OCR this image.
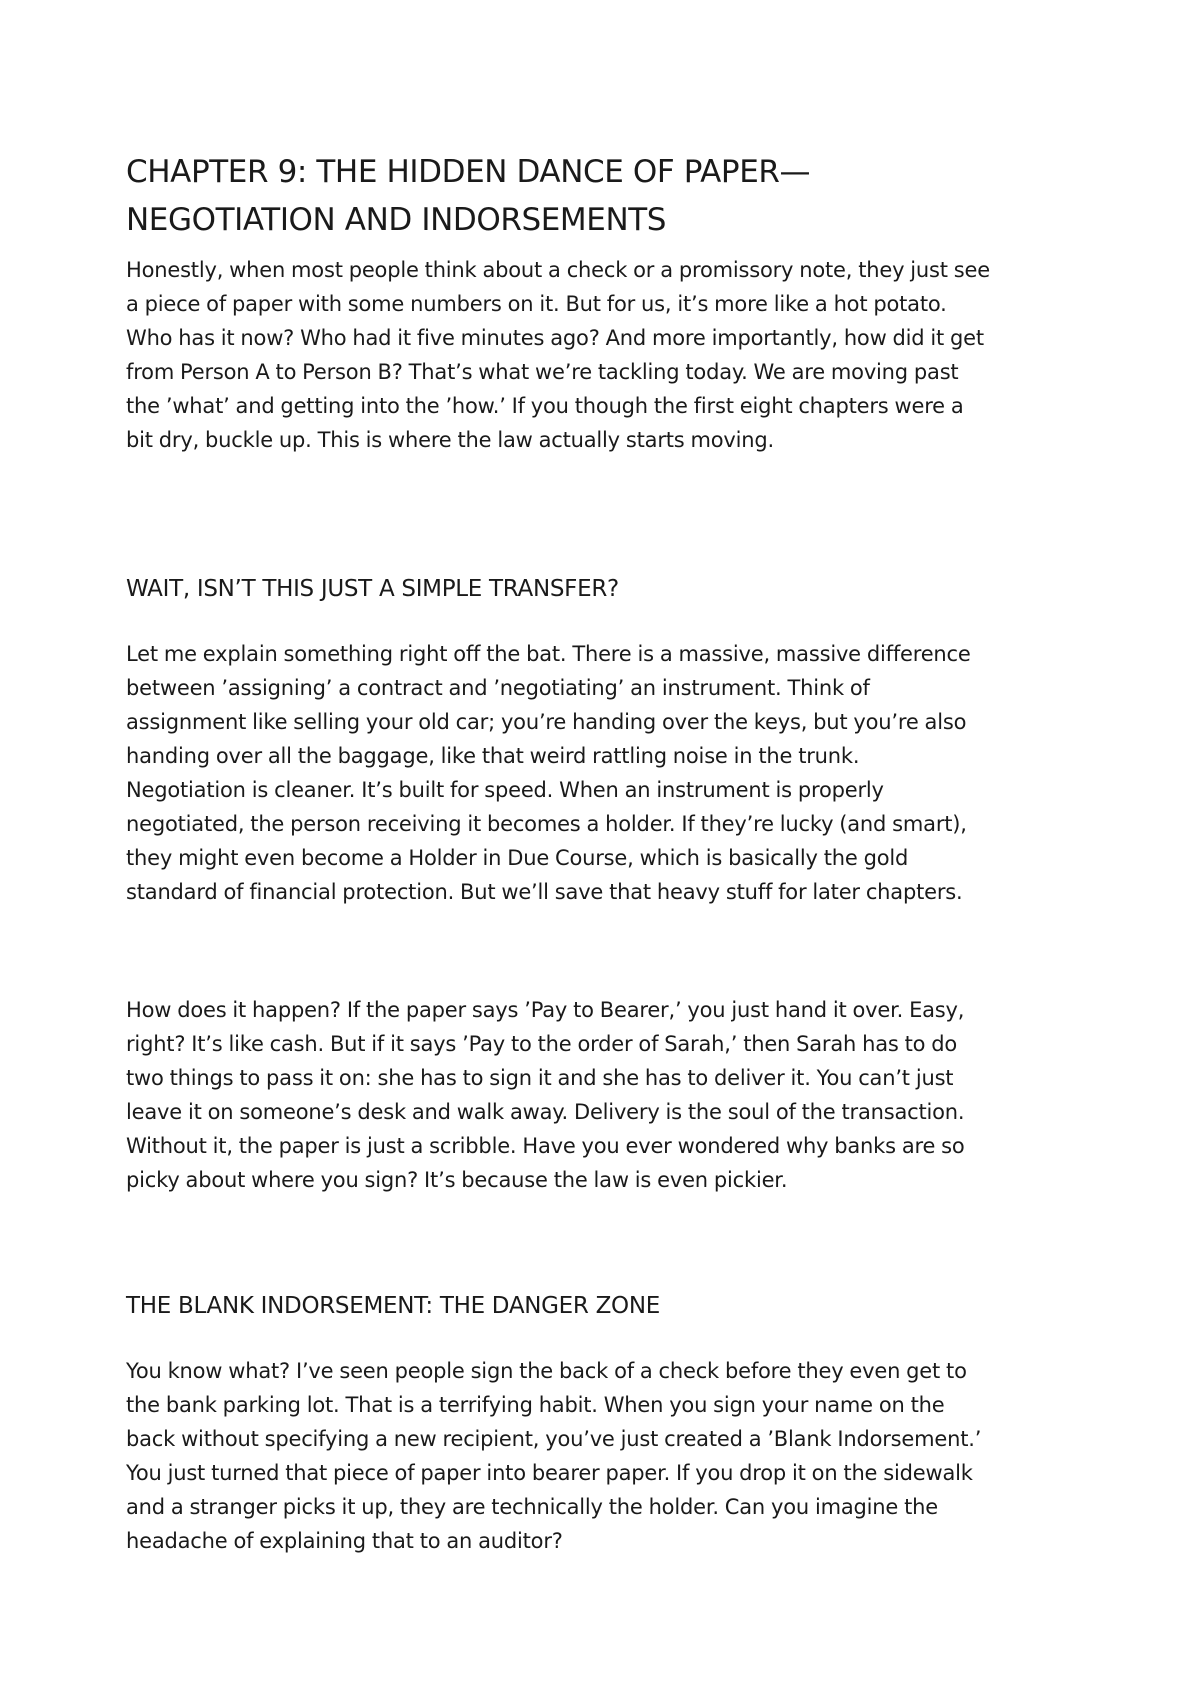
CHAPTER 9: THE HIDDEN DANCE OF PAPER—
NEGOTIATION AND INDORSEMENTS

Honestly, when most people think about a check or a promissory note, they just see
a piece of paper with some numbers on it. But for us, it’s more like a hot potato.
Who has it now? Who had it five minutes ago? And more importantly, how did it get
from Person A to Person B? That’s what we’re tackling today. We are moving past
the ’what’ and getting into the ’how.’ If you though the first eight chapters were a
bit dry, buckle up. This is where the law actually starts moving.

WAIT, ISN’T THIS JUST A SIMPLE TRANSFER?

Let me explain something right off the bat. There is a massive, massive difference
between ’assigning’ a contract and ’negotiating’ an instrument. Think of
assignment like selling your old car; you’re handing over the keys, but you’re also
handing over all the baggage, like that weird rattling noise in the trunk.
Negotiation is cleaner. It’s built for speed. When an instrument is properly
negotiated, the person receiving it becomes a holder. If they’re lucky (and smart),
they might even become a Holder in Due Course, which is basically the gold
standard of financial protection. But we’ll save that heavy stuff for later chapters.

How does it happen? If the paper says ’Pay to Bearer,’ you just hand it over. Easy,
right? It’s like cash. But if it says ’Pay to the order of Sarah,’ then Sarah has to do
two things to pass it on: she has to sign it and she has to deliver it. You can’t just
leave it on someone’s desk and walk away. Delivery is the soul of the transaction.
Without it, the paper is just a scribble. Have you ever wondered why banks are so
picky about where you sign? It’s because the law is even pickier.

THE BLANK INDORSEMENT: THE DANGER ZONE

You know what? I’ve seen people sign the back of a check before they even get to
the bank parking lot. That is a terrifying habit. When you sign your name on the
back without specifying a new recipient, you’ve just created a ’Blank Indorsement.’
You just turned that piece of paper into bearer paper. If you drop it on the sidewalk
and a stranger picks it up, they are technically the holder. Can you imagine the
headache of explaining that to an auditor?
